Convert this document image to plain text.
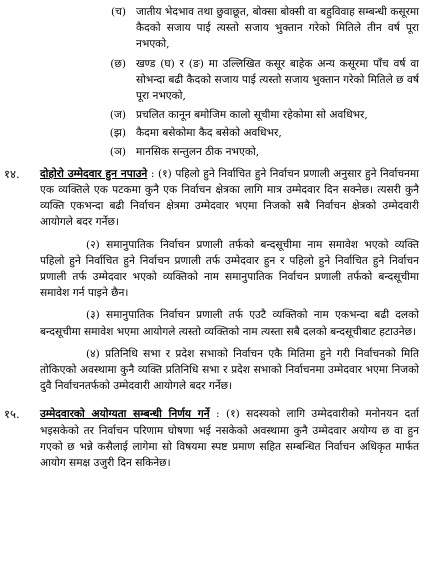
(च) जातीय भेदभाव तथा छुवाछूत, बोक्सा बोक्सी वा बहुविवाह सम्बन्धी कसूरमा कैदको सजाय पाई त्यस्तो सजाय भुक्तान गरेको मितिले तीन वर्ष पूरा नभएको,
(छ) खण्ड (घ) र (ङ) मा उल्लिखित कसूर बाहेक अन्य कसूरमा पाँच वर्ष वा सोभन्दा बढी कैदको सजाय पाई त्यस्तो सजाय भुक्तान गरेको मितिले छ वर्ष पूरा नभएको,
(ज) प्रचलित कानून बमोजिम कालो सूचीमा रहेकोमा सो अवधिभर,
(झ) कैदमा बसेकोमा कैद बसेको अवधिभर,
(ञ) मानसिक सन्तुलन ठीक नभएको,
१४.	दोहोरो उम्मेदवार हुन नपाउने : (१) पहिलो हुने निर्वाचित हुने निर्वाचन प्रणाली अनुसार हुने निर्वाचनमा एक व्यक्तिले एक पटकमा कुनै एक निर्वाचन क्षेत्रका लागि मात्र उम्मेदवार दिन सक्नेछ। त्यसरी कुनै व्यक्ति एकभन्दा बढी निर्वाचन क्षेत्रमा उम्मेदवार भएमा निजको सबै निर्वाचन क्षेत्रको उम्मेदवारी आयोगले बदर गर्नेछ।

(२) समानुपातिक निर्वाचन प्रणाली तर्फको बन्दसूचीमा नाम समावेश भएको व्यक्ति पहिलो हुने निर्वाचित हुने निर्वाचन प्रणाली तर्फ उम्मेदवार हुन र पहिलो हुने निर्वाचित हुने निर्वाचन प्रणाली तर्फ उम्मेदवार भएको व्यक्तिको नाम समानुपातिक निर्वाचन प्रणाली तर्फको बन्दसूचीमा समावेश गर्न पाइने छैन।

(३) समानुपातिक निर्वाचन प्रणाली तर्फ एउटै व्यक्तिको नाम एकभन्दा बढी दलको बन्दसूचीमा समावेश भएमा आयोगले त्यस्तो व्यक्तिको नाम त्यस्ता सबै दलको बन्दसूचीबाट हटाउनेछ।

(४) प्रतिनिधि सभा र प्रदेश सभाको निर्वाचन एकै मितिमा हुने गरी निर्वाचनको मिति तोकिएको अवस्थामा कुनै व्यक्ति प्रतिनिधि सभा र प्रदेश सभाको निर्वाचनमा उम्मेदवार भएमा निजको दुवै निर्वाचनतर्फको उम्मेदवारी आयोगले बदर गर्नेछ।

१५.	उम्मेदवारको अयोग्यता सम्बन्धी निर्णय गर्ने : (१) सदस्यको लागि उम्मेदवारीको मनोनयन दर्ता भइसकेको तर निर्वाचन परिणाम घोषणा भई नसकेको अवस्थामा कुनै उम्मेदवार अयोग्य छ वा हुन गएको छ भन्ने कसैलाई लागेमा सो विषयमा स्पष्ट प्रमाण सहित सम्बन्धित निर्वाचन अधिकृत मार्फत आयोग समक्ष उजुरी दिन सकिनेछ।
